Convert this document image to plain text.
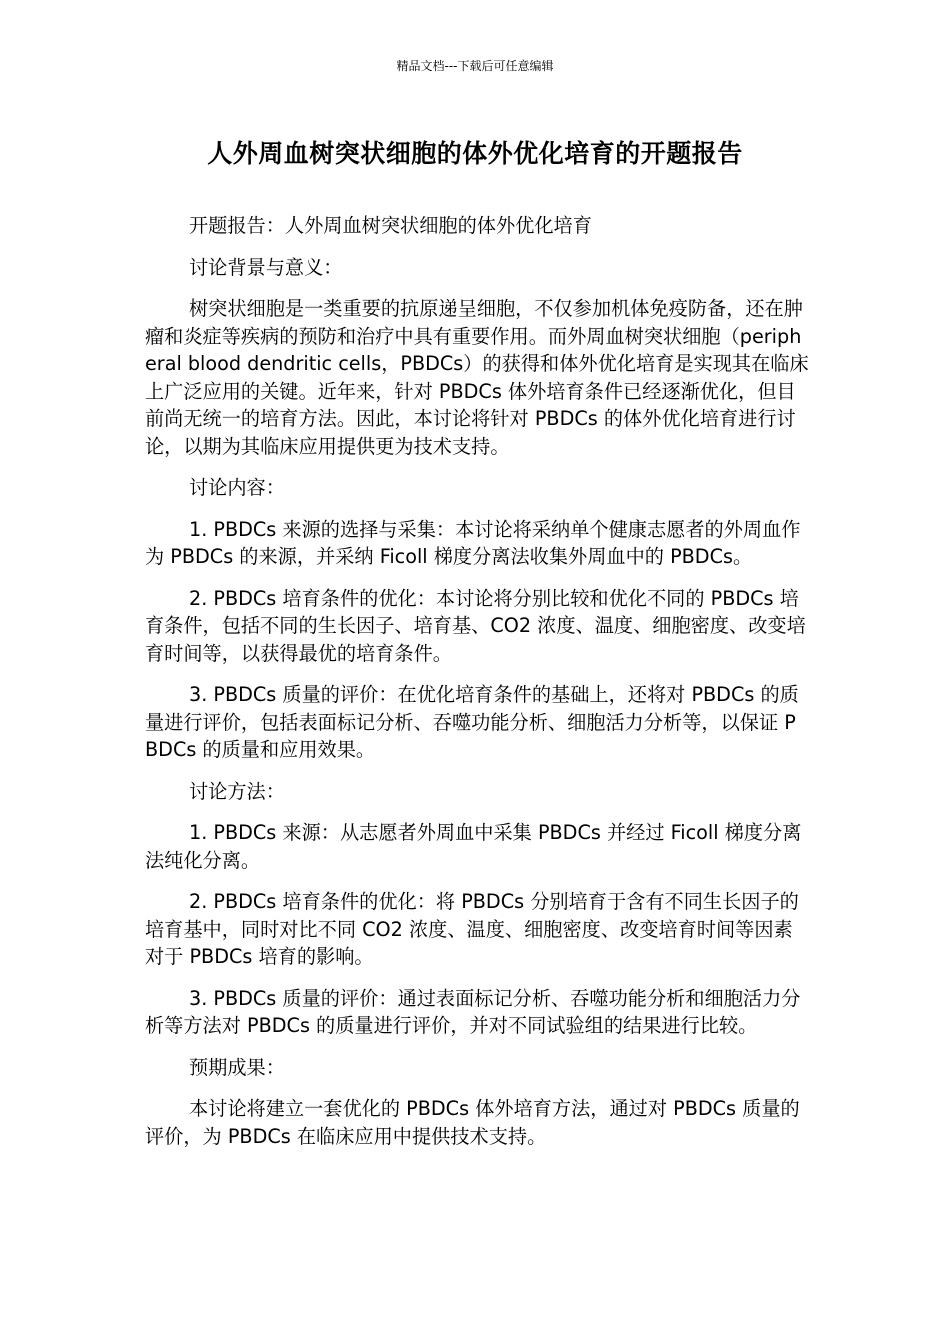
精品文档---下载后可任意编辑
人外周血树突状细胞的体外优化培育的开题报告

开题报告：人外周血树突状细胞的体外优化培育

讨论背景与意义：

树突状细胞是一类重要的抗原递呈细胞，不仅参加机体免疫防备，还在肿瘤和炎症等疾病的预防和治疗中具有重要作用。而外周血树突状细胞（peripheral blood dendritic cells，PBDCs）的获得和体外优化培育是实现其在临床上广泛应用的关键。近年来，针对 PBDCs 体外培育条件已经逐渐优化，但目前尚无统一的培育方法。因此，本讨论将针对 PBDCs 的体外优化培育进行讨论，以期为其临床应用提供更为技术支持。

讨论内容：

1. PBDCs 来源的选择与采集：本讨论将采纳单个健康志愿者的外周血作为 PBDCs 的来源，并采纳 Ficoll 梯度分离法收集外周血中的 PBDCs。

2. PBDCs 培育条件的优化：本讨论将分别比较和优化不同的 PBDCs 培育条件，包括不同的生长因子、培育基、CO2 浓度、温度、细胞密度、改变培育时间等，以获得最优的培育条件。

3. PBDCs 质量的评价：在优化培育条件的基础上，还将对 PBDCs 的质量进行评价，包括表面标记分析、吞噬功能分析、细胞活力分析等，以保证 PBDCs 的质量和应用效果。

讨论方法：

1. PBDCs 来源：从志愿者外周血中采集 PBDCs 并经过 Ficoll 梯度分离法纯化分离。

2. PBDCs 培育条件的优化：将 PBDCs 分别培育于含有不同生长因子的培育基中，同时对比不同 CO2 浓度、温度、细胞密度、改变培育时间等因素对于 PBDCs 培育的影响。

3. PBDCs 质量的评价：通过表面标记分析、吞噬功能分析和细胞活力分析等方法对 PBDCs 的质量进行评价，并对不同试验组的结果进行比较。

预期成果：

本讨论将建立一套优化的 PBDCs 体外培育方法，通过对 PBDCs 质量的评价，为 PBDCs 在临床应用中提供技术支持。
